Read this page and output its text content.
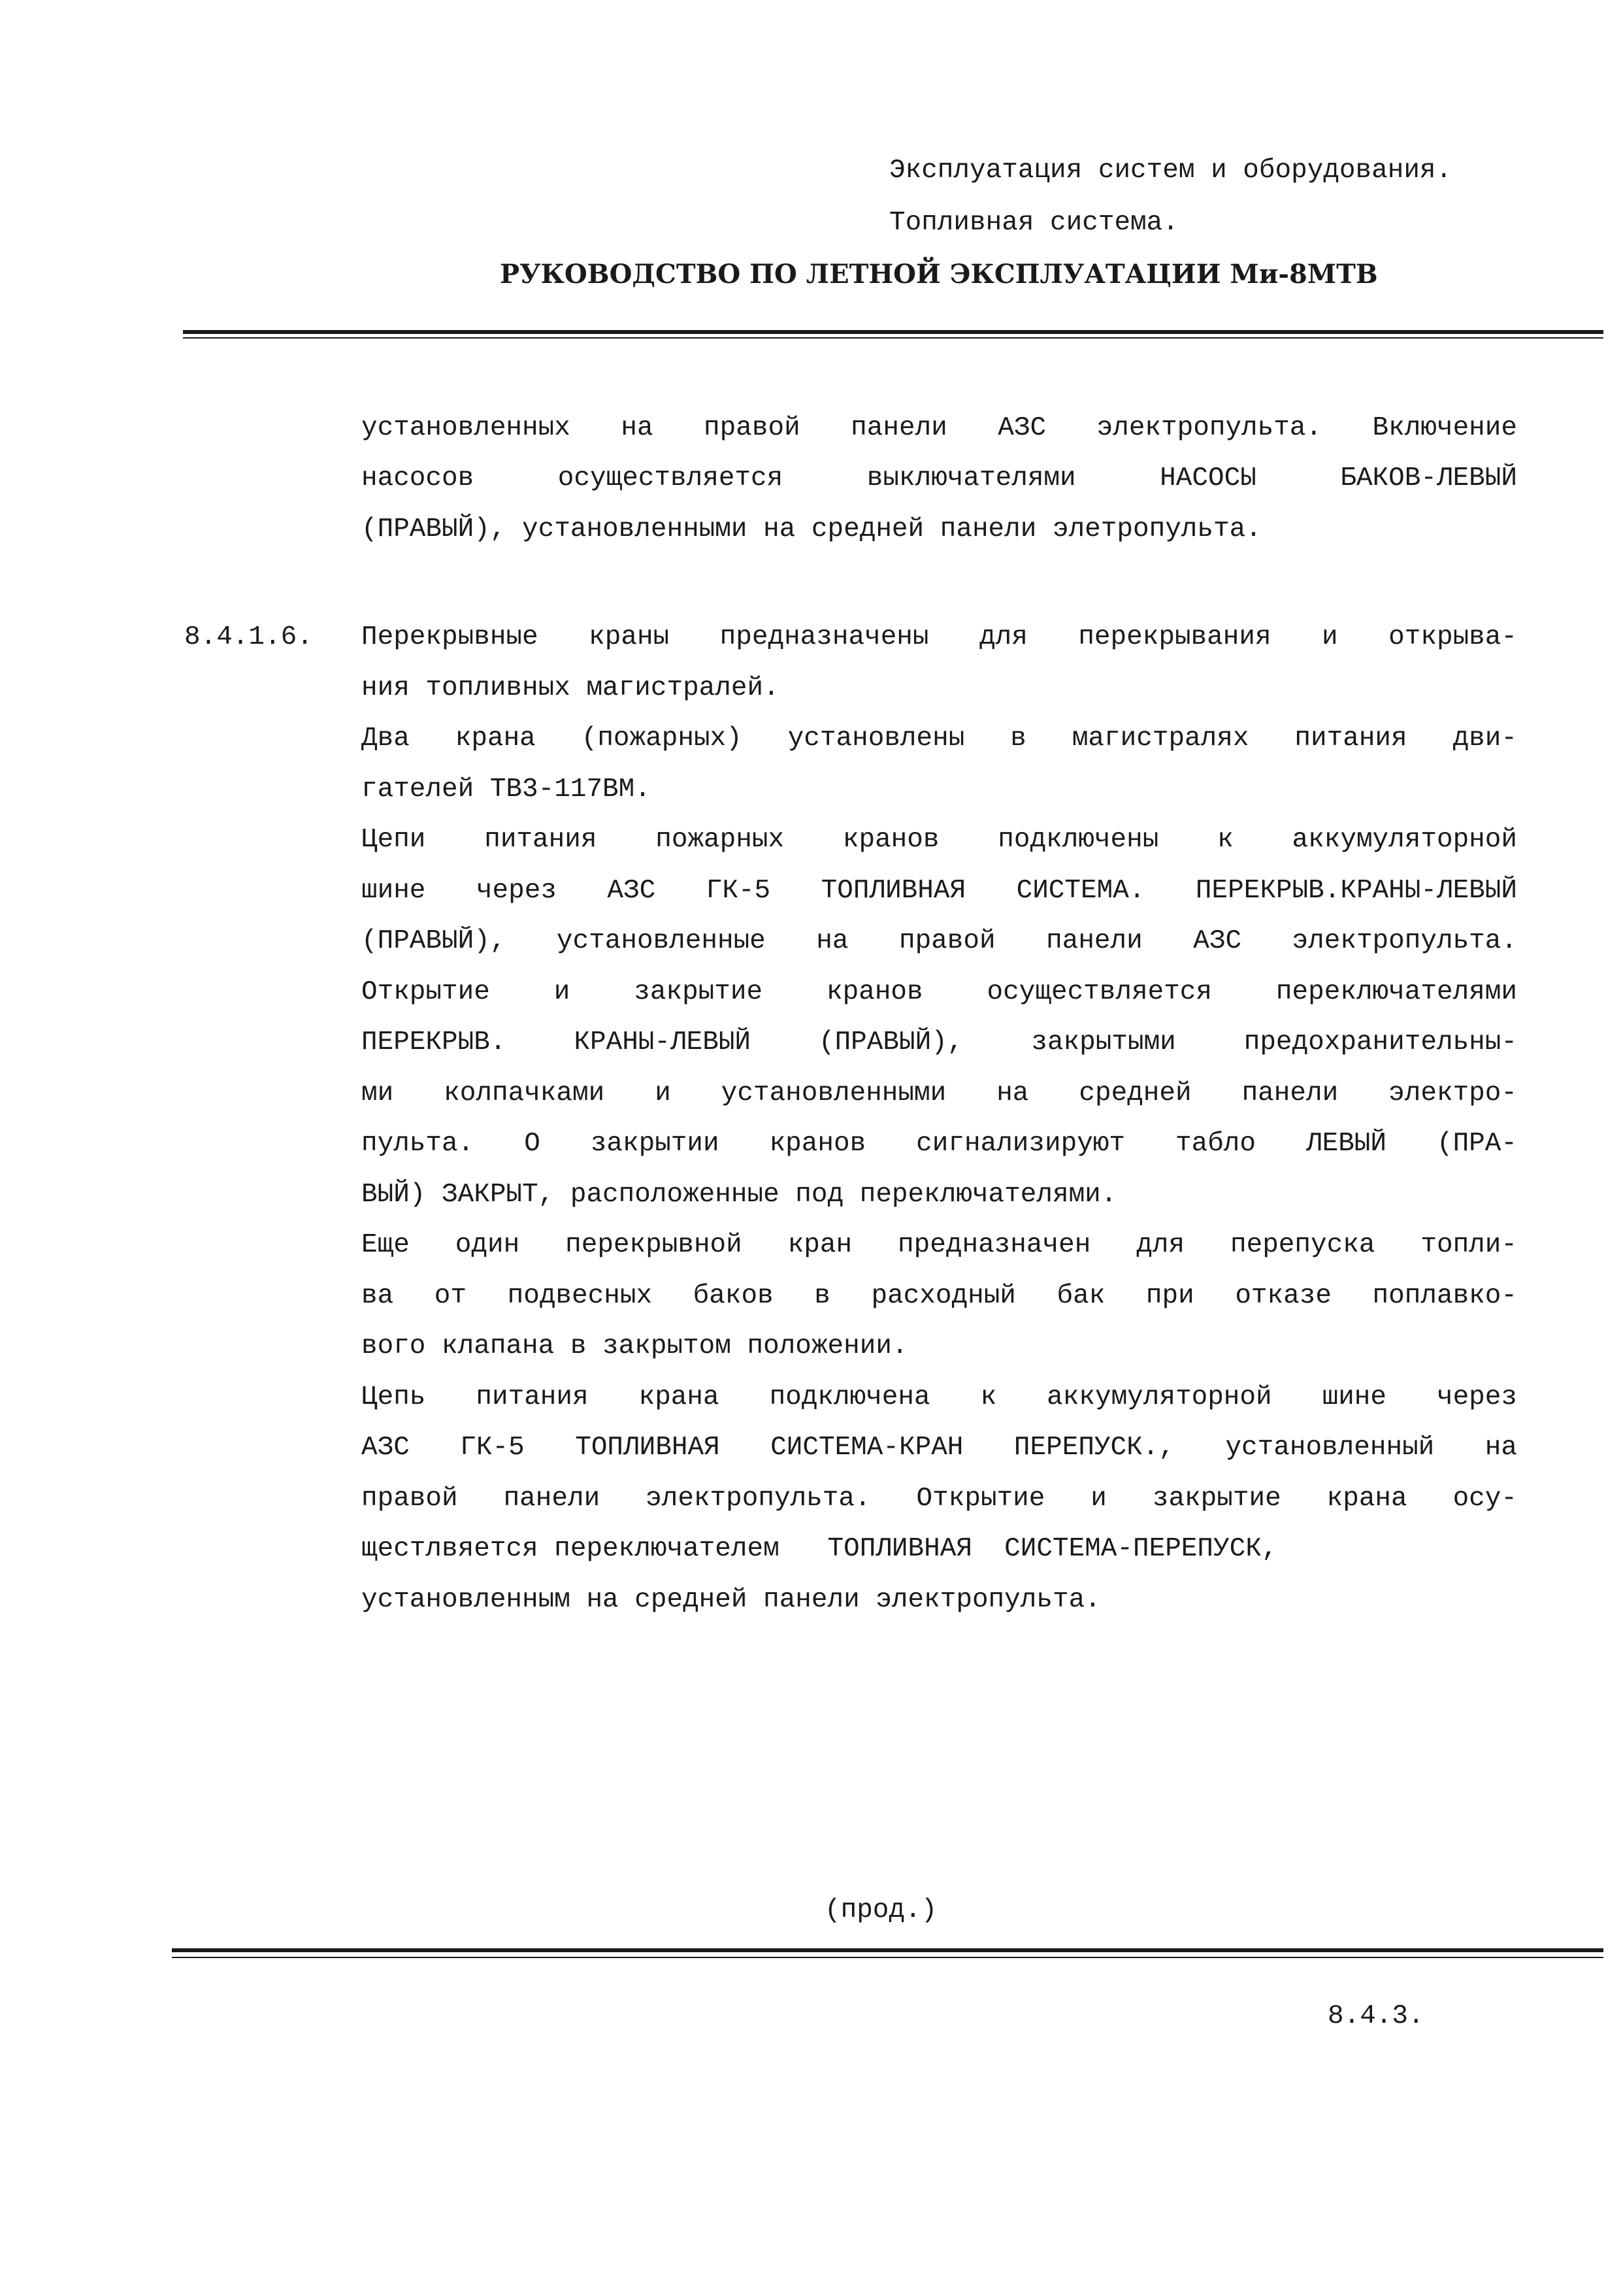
Эксплуатация систем и оборудования.
Топливная система.
РУКОВОДСТВО ПО ЛЕТНОЙ ЭКСПЛУАТАЦИИ Ми-8МТВ
установленных на правой панели АЗС электропульта. Включение
насосов осуществляется выключателями НАСОСЫ БАКОВ-ЛЕВЫЙ
(ПРАВЫЙ), установленными на средней панели элетропульта.
8.4.1.6. Перекрывные краны предназначены для перекрывания и открыва-
ния топливных магистралей.
Два крана (пожарных) установлены в магистралях питания дви-
гателей ТВ3-117ВМ.
Цепи питания пожарных кранов подключены к аккумуляторной
шине через АЗС ГК-5 ТОПЛИВНАЯ СИСТЕМА. ПЕРЕКРЫВ.КРАНЫ-ЛЕВЫЙ
(ПРАВЫЙ), установленные на правой панели АЗС электропульта.
Открытие и закрытие кранов осуществляется переключателями
ПЕРЕКРЫВ. КРАНЫ-ЛЕВЫЙ (ПРАВЫЙ), закрытыми предохранительны-
ми колпачками и установленными на средней панели электро-
пульта. О закрытии кранов сигнализируют табло ЛЕВЫЙ (ПРА-
ВЫЙ) ЗАКРЫТ, расположенные под переключателями.
Еще один перекрывной кран предназначен для перепуска топли-
ва от подвесных баков в расходный бак при отказе поплавко-
вого клапана в закрытом положении.
Цепь питания крана подключена к аккумуляторной шине через
АЗС ГК-5 ТОПЛИВНАЯ СИСТЕМА-КРАН ПЕРЕПУСК., установленный на
правой панели электропульта. Открытие и закрытие крана осу-
щестлвяется переключателем   ТОПЛИВНАЯ  СИСТЕМА-ПЕРЕПУСК,
установленным на средней панели электропульта.
(прод.)
8.4.3.
